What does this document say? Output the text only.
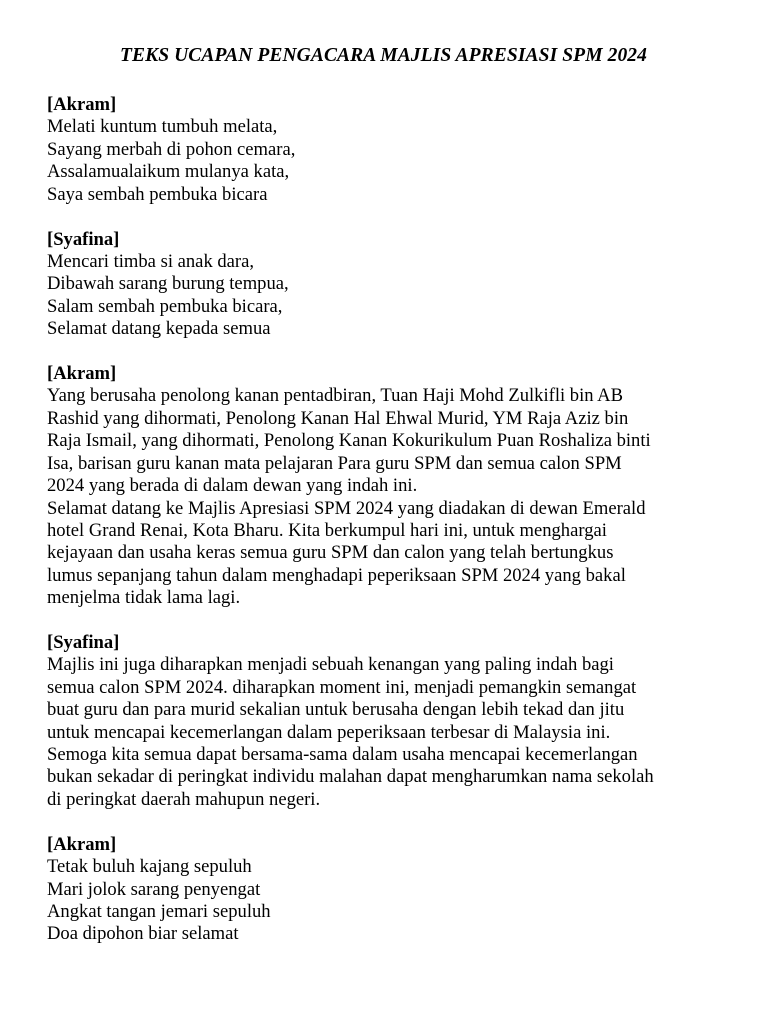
TEKS UCAPAN PENGACARA MAJLIS APRESIASI SPM 2024
[Akram]
Melati kuntum tumbuh melata,
Sayang merbah di pohon cemara,
Assalamualaikum mulanya kata,
Saya sembah pembuka bicara
[Syafina]
Mencari timba si anak dara,
Dibawah sarang burung tempua,
Salam sembah pembuka bicara,
Selamat datang kepada semua
[Akram]
Yang berusaha penolong kanan pentadbiran, Tuan Haji Mohd Zulkifli bin AB
Rashid yang dihormati, Penolong Kanan Hal Ehwal Murid, YM Raja Aziz bin
Raja Ismail, yang dihormati, Penolong Kanan Kokurikulum Puan Roshaliza binti
Isa, barisan guru kanan mata pelajaran Para guru SPM dan semua calon SPM
2024 yang berada di dalam dewan yang indah ini.
Selamat datang ke Majlis Apresiasi SPM 2024 yang diadakan di dewan Emerald
hotel Grand Renai, Kota Bharu. Kita berkumpul hari ini, untuk menghargai
kejayaan dan usaha keras semua guru SPM dan calon yang telah bertungkus
lumus sepanjang tahun dalam menghadapi peperiksaan SPM 2024 yang bakal
menjelma tidak lama lagi.
[Syafina]
Majlis ini juga diharapkan menjadi sebuah kenangan yang paling indah bagi
semua calon SPM 2024. diharapkan moment ini, menjadi pemangkin semangat
buat guru dan para murid sekalian untuk berusaha dengan lebih tekad dan jitu
untuk mencapai kecemerlangan dalam peperiksaan terbesar di Malaysia ini.
Semoga kita semua dapat bersama-sama dalam usaha mencapai kecemerlangan
bukan sekadar di peringkat individu malahan dapat mengharumkan nama sekolah
di peringkat daerah mahupun negeri.
[Akram]
Tetak buluh kajang sepuluh
Mari jolok sarang penyengat
Angkat tangan jemari sepuluh
Doa dipohon biar selamat
